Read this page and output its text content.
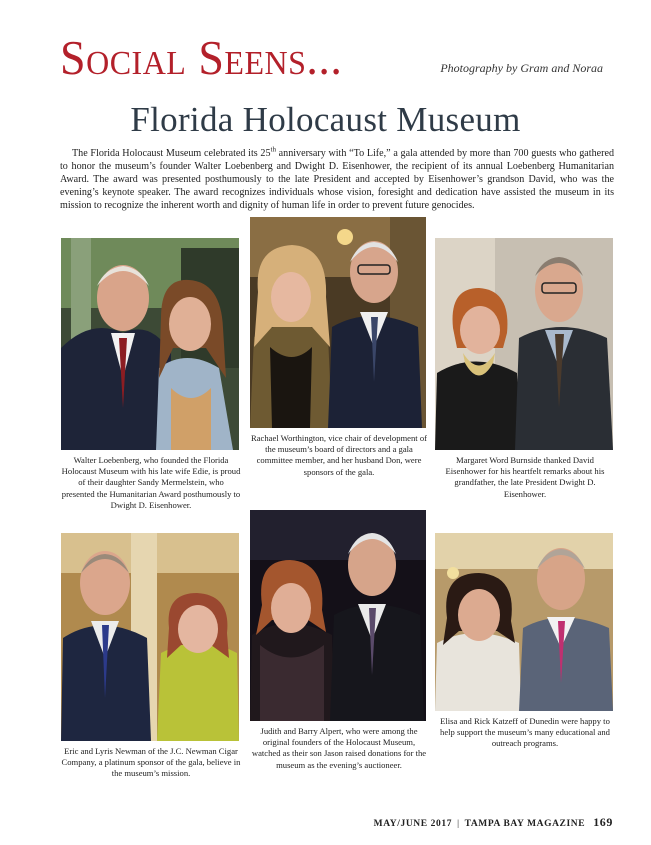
Social Seens...	Photography by Gram and Noraa
Florida Holocaust Museum

The Florida Holocaust Museum celebrated its 25th anniversary with “To Life,” a gala attended by more than 700 guests who gathered to honor the museum’s founder Walter Loebenberg and Dwight D. Eisenhower, the recipient of its annual Loebenberg Humanitarian Award. The award was presented posthumously to the late President and accepted by Eisenhower’s grandson David, who was the evening’s keynote speaker. The award recognizes individuals whose vision, foresight and dedication have assisted the museum in its mission to recognize the inherent worth and dignity of human life in order to prevent future genocides.

Walter Loebenberg, who founded the Florida Holocaust Museum with his late wife Edie, is proud of their daughter Sandy Mermelstein, who presented the Humanitarian Award posthumously to Dwight D. Eisenhower.
Rachael Worthington, vice chair of development of the museum’s board of directors and a gala committee member, and her husband Don, were sponsors of the gala.
Margaret Word Burnside thanked David Eisenhower for his heartfelt remarks about his grandfather, the late President Dwight D. Eisenhower.
Eric and Lyris Newman of the J.C. Newman Cigar Company, a platinum sponsor of the gala, believe in the museum’s mission.
Judith and Barry Alpert, who were among the original founders of the Holocaust Museum, watched as their son Jason raised donations for the museum as the evening’s auctioneer.
Elisa and Rick Katzeff of Dunedin were happy to help support the museum’s many educational and outreach programs.
MAY/JUNE 2017 | TAMPA BAY MAGAZINE 169
